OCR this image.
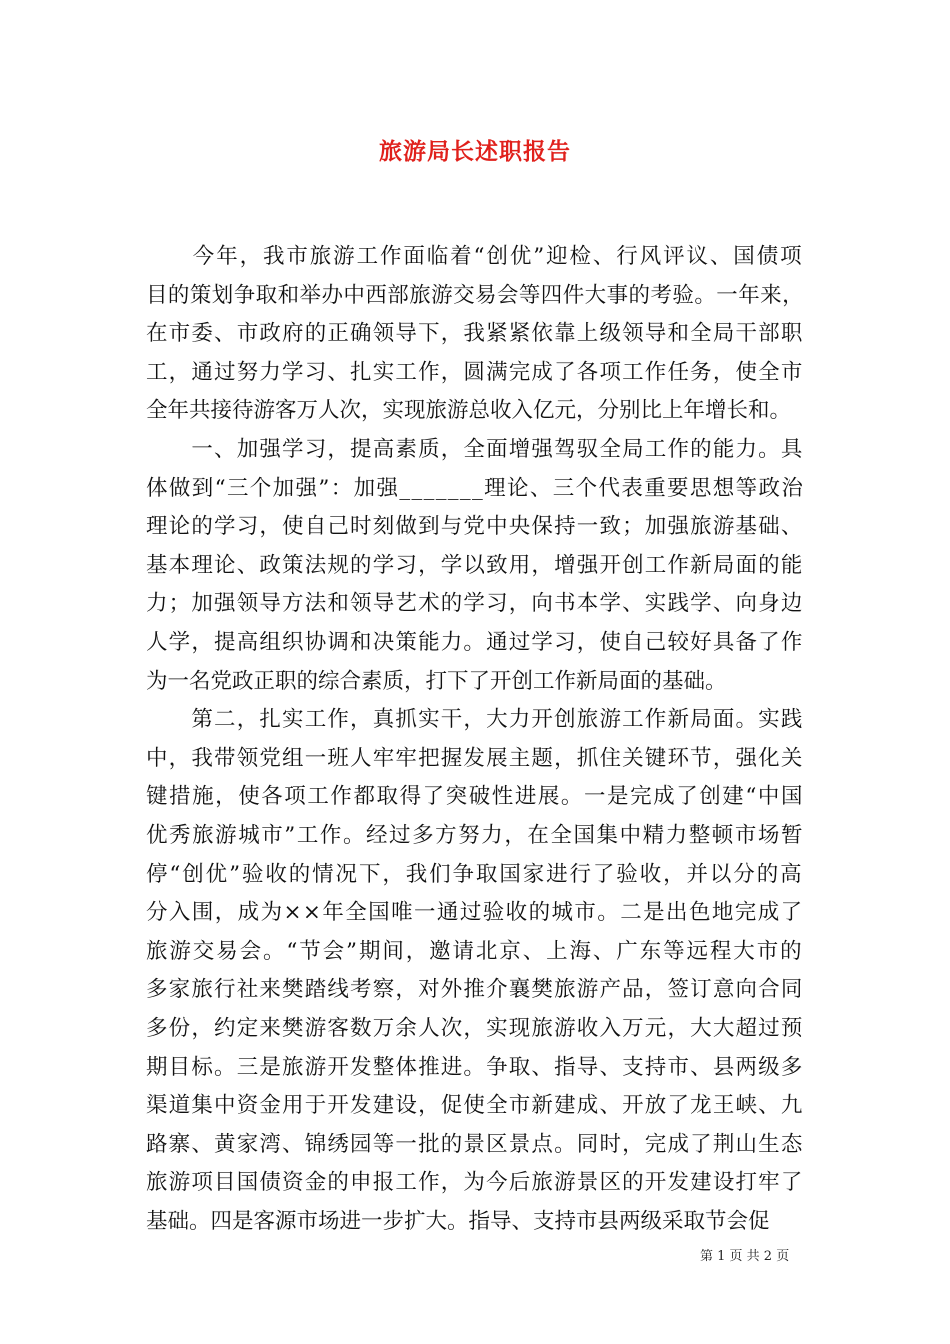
旅游局长述职报告
　　今年，我市旅游工作面临着“创优”迎检、行风评议、国债项
目的策划争取和举办中西部旅游交易会等四件大事的考验。一年来，
在市委、市政府的正确领导下，我紧紧依靠上级领导和全局干部职
工，通过努力学习、扎实工作，圆满完成了各项工作任务，使全市
全年共接待游客万人次，实现旅游总收入亿元，分别比上年增长和。
　　一、加强学习，提高素质，全面增强驾驭全局工作的能力。具
体做到“三个加强”：加强_______理论、三个代表重要思想等政治
理论的学习，使自己时刻做到与党中央保持一致；加强旅游基础、
基本理论、政策法规的学习，学以致用，增强开创工作新局面的能
力；加强领导方法和领导艺术的学习，向书本学、实践学、向身边
人学，提高组织协调和决策能力。通过学习，使自己较好具备了作
为一名党政正职的综合素质，打下了开创工作新局面的基础。
　　第二，扎实工作，真抓实干，大力开创旅游工作新局面。实践
中，我带领党组一班人牢牢把握发展主题，抓住关键环节，强化关
键措施，使各项工作都取得了突破性进展。一是完成了创建“中国
优秀旅游城市”工作。经过多方努力，在全国集中精力整顿市场暂
停“创优”验收的情况下，我们争取国家进行了验收，并以分的高
分入围，成为××年全国唯一通过验收的城市。二是出色地完成了
旅游交易会。“节会”期间，邀请北京、上海、广东等远程大市的
多家旅行社来樊踏线考察，对外推介襄樊旅游产品，签订意向合同
多份，约定来樊游客数万余人次，实现旅游收入万元，大大超过预
期目标。三是旅游开发整体推进。争取、指导、支持市、县两级多
渠道集中资金用于开发建设，促使全市新建成、开放了龙王峡、九
路寨、黄家湾、锦绣园等一批的景区景点。同时，完成了荆山生态
旅游项目国债资金的申报工作，为今后旅游景区的开发建设打牢了
基础。四是客源市场进一步扩大。指导、支持市县两级采取节会促
第 1 页 共 2 页
